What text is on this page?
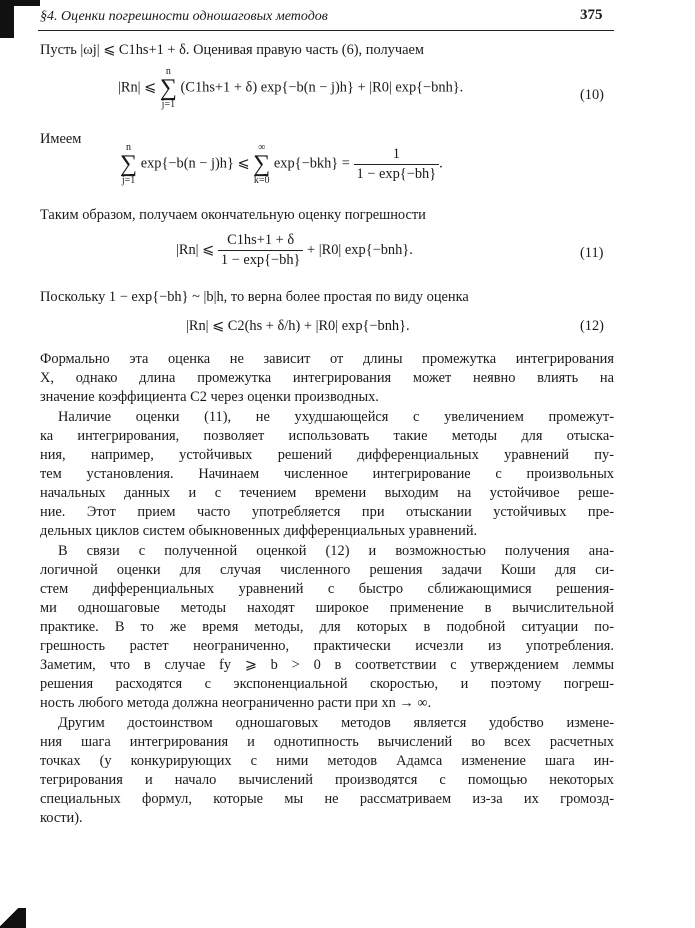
§4. Оценки погрешности одношаговых методов	375
Пусть |ωj| ⩽ C1hs+1 + δ. Оценивая правую часть (6), получаем
|Rn| ⩽
n
∑
j=1
(C1hs+1 + δ) exp{−b(n − j)h} + |R0| exp{−bnh}.	(10)
Имеем
n
∑
j=1
exp{−b(n − j)h} ⩽
∞
∑
k=0
$\exp\{-bkh\} = \frac{1}{1 - \exp\{-bh\}}$ .
Таким образом, получаем окончательную оценку погрешности
|Rn| ⩽ $\frac{C1hs+1 + \delta}{1 - \exp\{-bh\}} + |R0|$ exp{−bnh}.	(11)
Поскольку 1 − exp{−bh} ~ |b|h, то верна более простая по виду оценка
|Rn| ⩽ C2(hs + δ/h) + |R0| exp{−bnh}.	(12)
Формально эта оценка не зависит от длины промежутка интегрирования
X, однако длина промежутка интегрирования может неявно влиять на
значение коэффициента C2 через оценки производных.
Наличие оценки (11), не ухудшающейся с увеличением промежут-
ка интегрирования, позволяет использовать такие методы для отыска-
ния, например, устойчивых решений дифференциальных уравнений пу-
тем установления. Начинаем численное интегрирование с произвольных
начальных данных и с течением времени выходим на устойчивое реше-
ние. Этот прием часто употребляется при отыскании устойчивых пре-
дельных циклов систем обыкновенных дифференциальных уравнений.
В связи с полученной оценкой (12) и возможностью получения ана-
логичной оценки для случая численного решения задачи Коши для си-
стем дифференциальных уравнений с быстро сближающимися решения-
ми одношаговые методы находят широкое применение в вычислительной
практике. В то же время методы, для которых в подобной ситуации по-
грешность растет неограниченно, практически исчезли из употребления.
Заметим, что в случае fy ⩾ b > 0 в соответствии с утверждением леммы
решения расходятся с экспоненциальной скоростью, и поэтому погреш-
ность любого метода должна неограниченно расти при xn → ∞.
Другим достоинством одношаговых методов является удобство измене-
ния шага интегрирования и однотипность вычислений во всех расчетных
точках (у конкурирующих с ними методов Адамса изменение шага ин-
тегрирования и начало вычислений производятся с помощью некоторых
специальных формул, которые мы не рассматриваем из-за их громозд-
кости).
